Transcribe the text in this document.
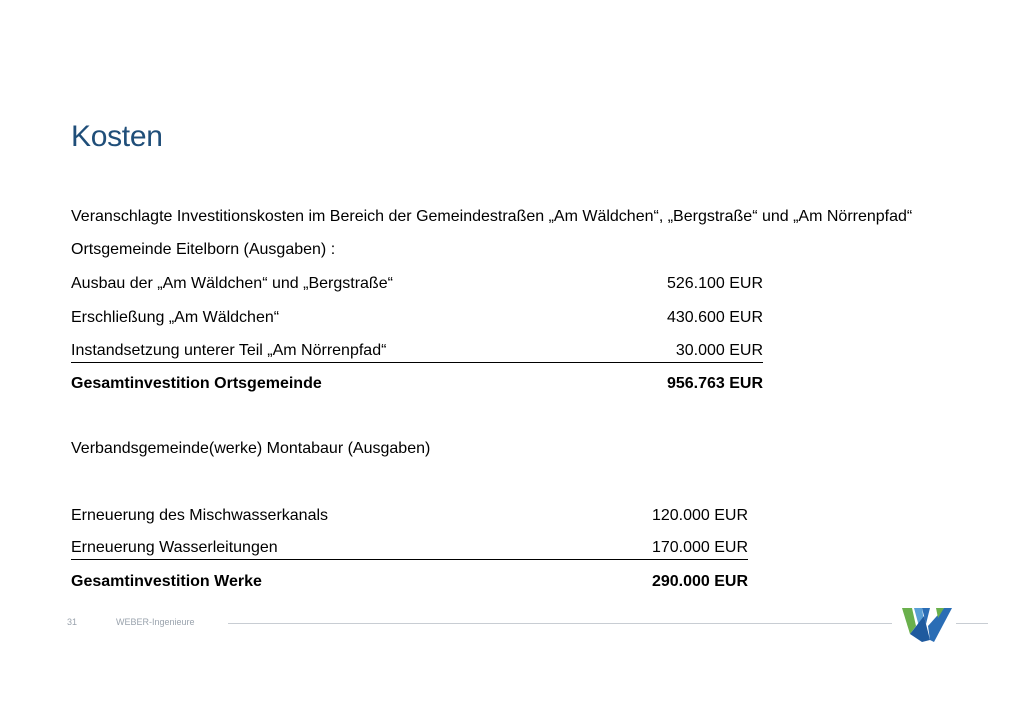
Kosten
Veranschlagte Investitionskosten im Bereich der Gemeindestraßen „Am Wäldchen“, „Bergstraße“ und „Am Nörrenpfad“
Ortsgemeinde Eitelborn (Ausgaben) :
Ausbau der „Am Wäldchen“ und „Bergstraße“	526.100 EUR
Erschließung „Am Wäldchen“	430.600 EUR
Instandsetzung unterer Teil „Am Nörrenpfad“	30.000 EUR
Gesamtinvestition Ortsgemeinde	956.763 EUR
Verbandsgemeinde(werke) Montabaur (Ausgaben)
Erneuerung des Mischwasserkanals	120.000 EUR
Erneuerung Wasserleitungen	170.000 EUR
Gesamtinvestition Werke	290.000 EUR
31	WEBER-Ingenieure
